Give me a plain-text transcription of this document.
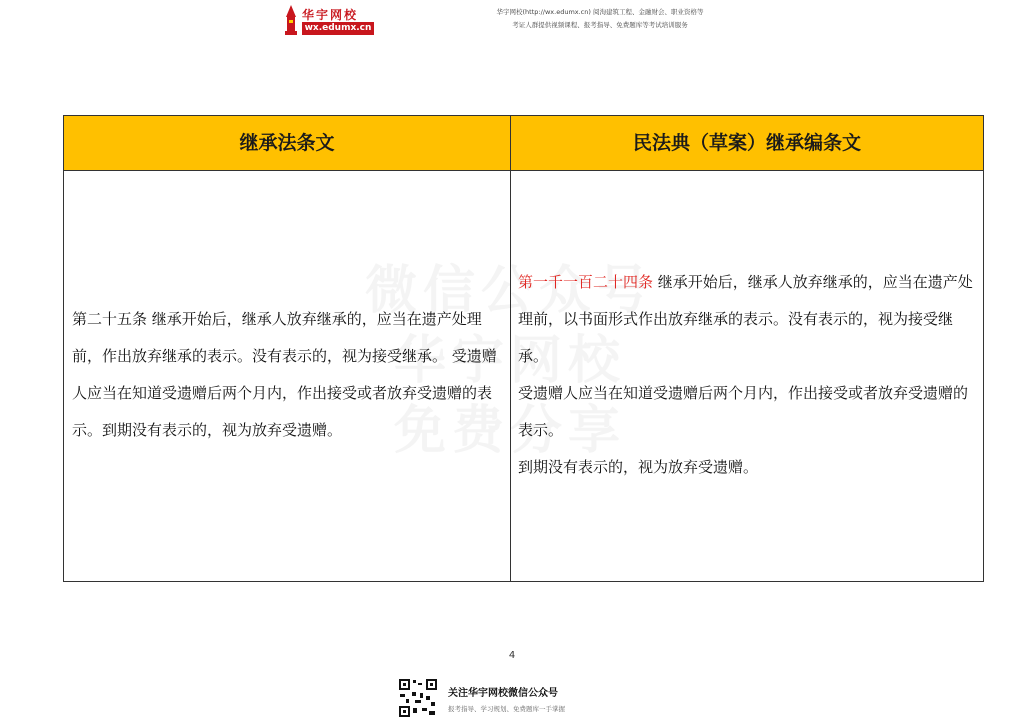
华宇网校
wx.edumx.cn
华宇网校(http://wx.edumx.cn) 阅洵建筑工程、金融财会、职业资格等
考证人群提供视频课程、报考指导、免费题库等考试培训服务
继承法条文	民法典（草案）继承编条文
第二十五条 继承开始后，继承人放弃继承的，应当在遗产处理前，作出放弃继承的表示。没有表示的，视为接受继承。 受遗赠人应当在知道受遗赠后两个月内，作出接受或者放弃受遗赠的表示。到期没有表示的，视为放弃受遗赠。
第一千一百二十四条 继承开始后，继承人放弃继承的，应当在遗产处理前，以书面形式作出放弃继承的表示。没有表示的，视为接受继承。
受遗赠人应当在知道受遗赠后两个月内，作出接受或者放弃受遗赠的表示。
到期没有表示的，视为放弃受遗赠。
4
关注华宇网校微信公众号
报考指导、学习规划、免费题库一手掌握
